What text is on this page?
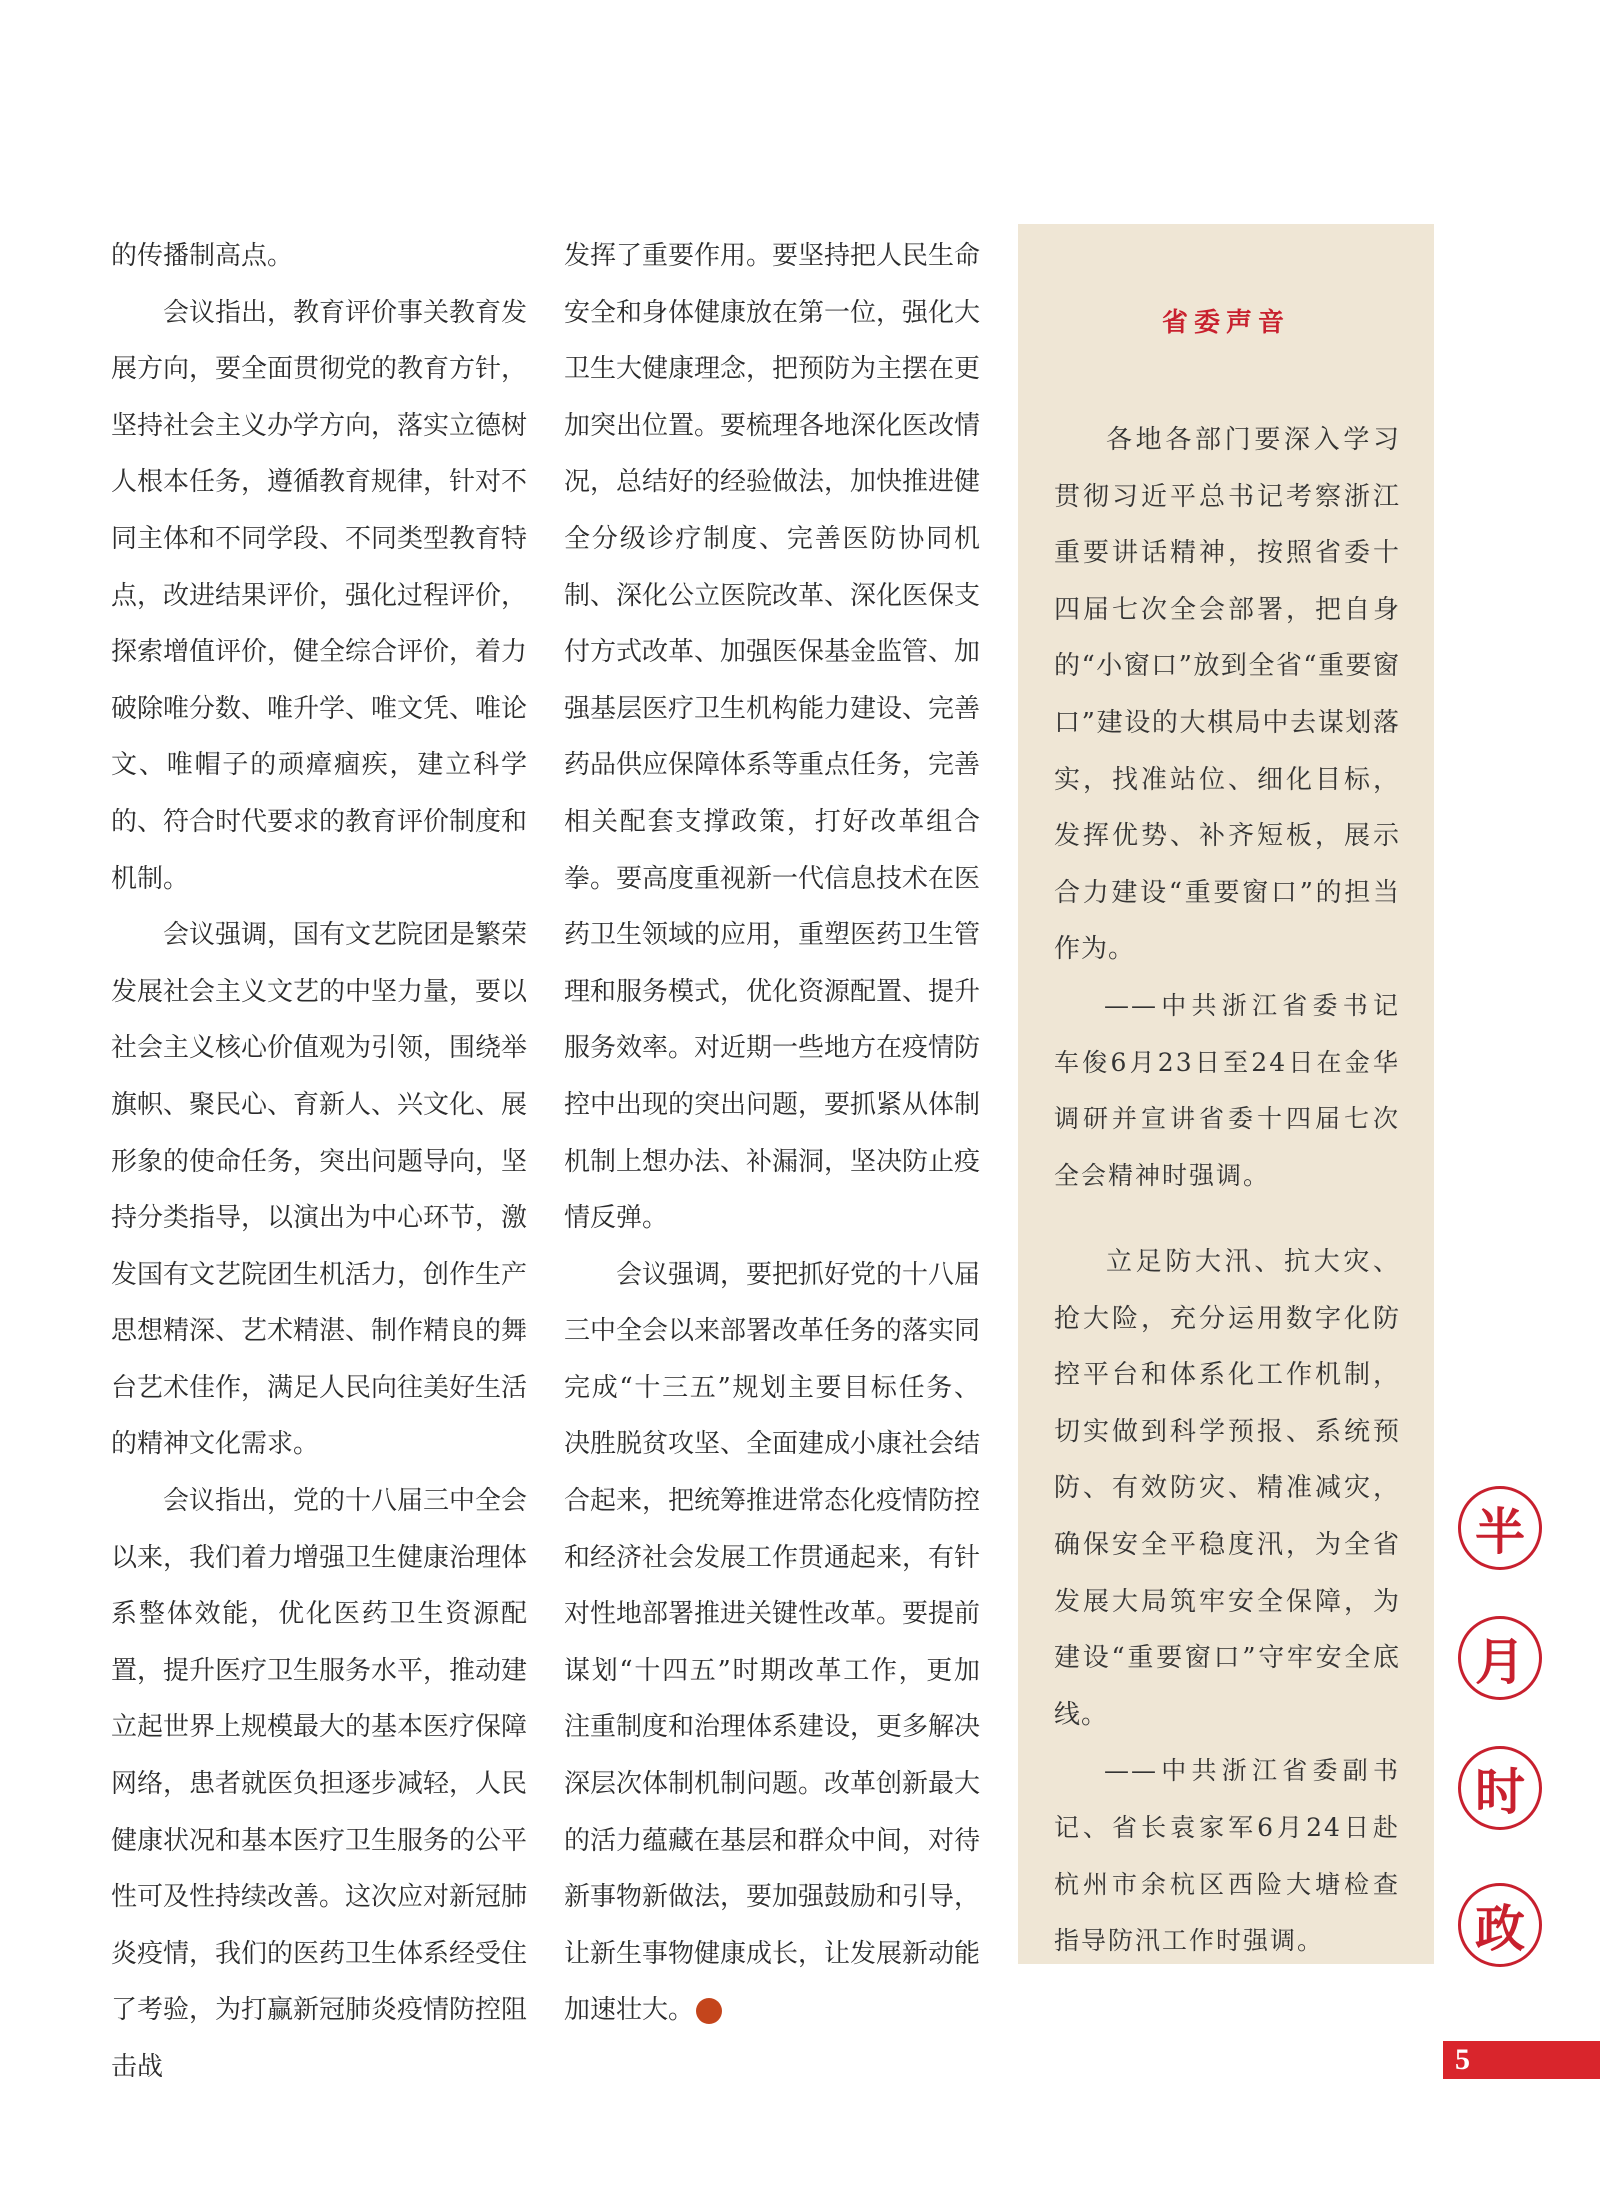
的传播制高点。

会议指出，教育评价事关教育发展方向，要全面贯彻党的教育方针，坚持社会主义办学方向，落实立德树人根本任务，遵循教育规律，针对不同主体和不同学段、不同类型教育特点，改进结果评价，强化过程评价，探索增值评价，健全综合评价，着力破除唯分数、唯升学、唯文凭、唯论文、唯帽子的顽瘴痼疾，建立科学的、符合时代要求的教育评价制度和机制。

会议强调，国有文艺院团是繁荣发展社会主义文艺的中坚力量，要以社会主义核心价值观为引领，围绕举旗帜、聚民心、育新人、兴文化、展形象的使命任务，突出问题导向，坚持分类指导，以演出为中心环节，激发国有文艺院团生机活力，创作生产思想精深、艺术精湛、制作精良的舞台艺术佳作，满足人民向往美好生活的精神文化需求。

会议指出，党的十八届三中全会以来，我们着力增强卫生健康治理体系整体效能，优化医药卫生资源配置，提升医疗卫生服务水平，推动建立起世界上规模最大的基本医疗保障网络，患者就医负担逐步减轻，人民健康状况和基本医疗卫生服务的公平性可及性持续改善。这次应对新冠肺炎疫情，我们的医药卫生体系经受住了考验，为打赢新冠肺炎疫情防控阻击战

发挥了重要作用。要坚持把人民生命安全和身体健康放在第一位，强化大卫生大健康理念，把预防为主摆在更加突出位置。要梳理各地深化医改情况，总结好的经验做法，加快推进健全分级诊疗制度、完善医防协同机制、深化公立医院改革、深化医保支付方式改革、加强医保基金监管、加强基层医疗卫生机构能力建设、完善药品供应保障体系等重点任务，完善相关配套支撑政策，打好改革组合拳。要高度重视新一代信息技术在医药卫生领域的应用，重塑医药卫生管理和服务模式，优化资源配置、提升服务效率。对近期一些地方在疫情防控中出现的突出问题，要抓紧从体制机制上想办法、补漏洞，坚决防止疫情反弹。

会议强调，要把抓好党的十八届三中全会以来部署改革任务的落实同完成“十三五”规划主要目标任务、决胜脱贫攻坚、全面建成小康社会结合起来，把统筹推进常态化疫情防控和经济社会发展工作贯通起来，有针对性地部署推进关键性改革。要提前谋划“十四五”时期改革工作，更加注重制度和治理体系建设，更多解决深层次体制机制问题。改革创新最大的活力蕴藏在基层和群众中间，对待新事物新做法，要加强鼓励和引导，让新生事物健康成长，让发展新动能加速壮大。	个

省委声音

各地各部门要深入学习贯彻习近平总书记考察浙江重要讲话精神，按照省委十四届七次全会部署，把自身的“小窗口”放到全省“重要窗口”建设的大棋局中去谋划落实，找准站位、细化目标，发挥优势、补齐短板，展示合力建设“重要窗口”的担当作为。

——中共浙江省委书记车俊6月23日至24日在金华调研并宣讲省委十四届七次全会精神时强调。

立足防大汛、抗大灾、抢大险，充分运用数字化防控平台和体系化工作机制，切实做到科学预报、系统预防、有效防灾、精准减灾，确保安全平稳度汛，为全省发展大局筑牢安全保障，为建设“重要窗口”守牢安全底线。

——中共浙江省委副书记、省长袁家军6月24日赴杭州市余杭区西险大塘检查指导防汛工作时强调。

半
月
时
政
5
